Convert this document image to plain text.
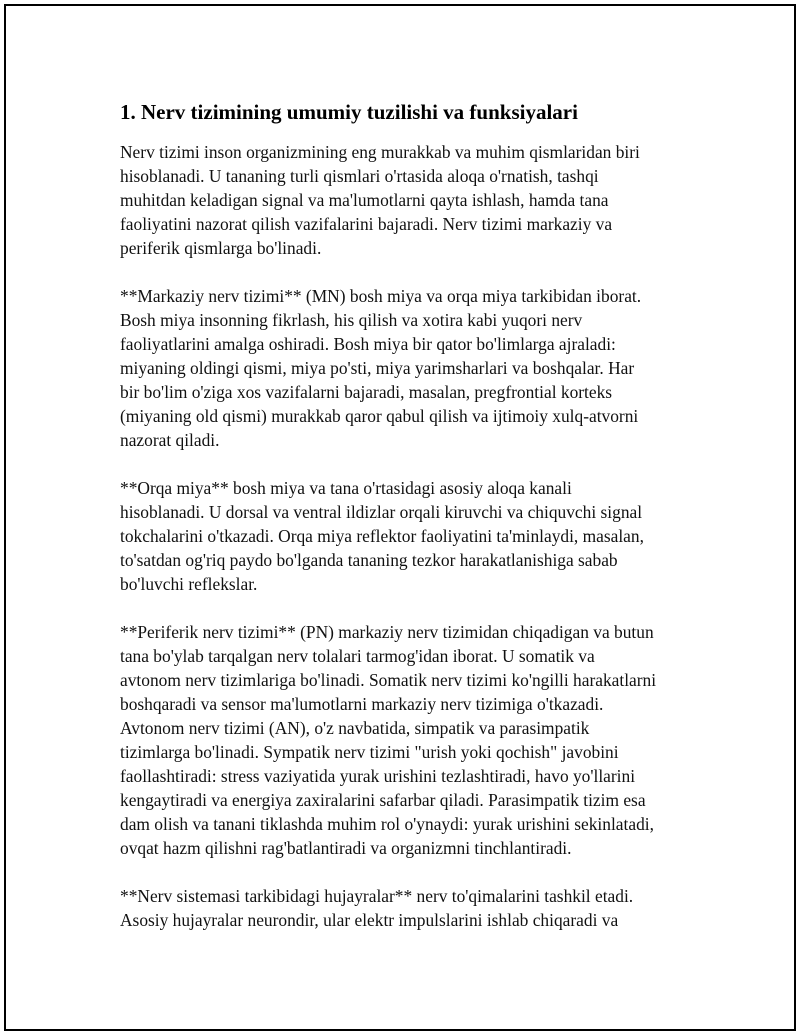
1. Nerv tizimining umumiy tuzilishi va funksiyalari

Nerv tizimi inson organizmining eng murakkab va muhim qismlaridan biri
hisoblanadi. U tananing turli qismlari o'rtasida aloqa o'rnatish, tashqi
muhitdan keladigan signal va ma'lumotlarni qayta ishlash, hamda tana
faoliyatini nazorat qilish vazifalarini bajaradi. Nerv tizimi markaziy va
periferik qismlarga bo'linadi.

**Markaziy nerv tizimi** (MN) bosh miya va orqa miya tarkibidan iborat.
Bosh miya insonning fikrlash, his qilish va xotira kabi yuqori nerv
faoliyatlarini amalga oshiradi. Bosh miya bir qator bo'limlarga ajraladi:
miyaning oldingi qismi, miya po'sti, miya yarimsharlari va boshqalar. Har
bir bo'lim o'ziga xos vazifalarni bajaradi, masalan, pregfrontial korteks
(miyaning old qismi) murakkab qaror qabul qilish va ijtimoiy xulq-atvorni
nazorat qiladi.

**Orqa miya** bosh miya va tana o'rtasidagi asosiy aloqa kanali
hisoblanadi. U dorsal va ventral ildizlar orqali kiruvchi va chiquvchi signal
tokchalarini o'tkazadi. Orqa miya reflektor faoliyatini ta'minlaydi, masalan,
to'satdan og'riq paydo bo'lganda tananing tezkor harakatlanishiga sabab
bo'luvchi reflekslar.

**Periferik nerv tizimi** (PN) markaziy nerv tizimidan chiqadigan va butun
tana bo'ylab tarqalgan nerv tolalari tarmog'idan iborat. U somatik va
avtonom nerv tizimlariga bo'linadi. Somatik nerv tizimi ko'ngilli harakatlarni
boshqaradi va sensor ma'lumotlarni markaziy nerv tizimiga o'tkazadi.
Avtonom nerv tizimi (AN), o'z navbatida, simpatik va parasimpatik
tizimlarga bo'linadi. Sympatik nerv tizimi "urish yoki qochish" javobini
faollashtiradi: stress vaziyatida yurak urishini tezlashtiradi, havo yo'llarini
kengaytiradi va energiya zaxiralarini safarbar qiladi. Parasimpatik tizim esa
dam olish va tanani tiklashda muhim rol o'ynaydi: yurak urishini sekinlatadi,
ovqat hazm qilishni rag'batlantiradi va organizmni tinchlantiradi.

**Nerv sistemasi tarkibidagi hujayralar** nerv to'qimalarini tashkil etadi.
Asosiy hujayralar neurondir, ular elektr impulslarini ishlab chiqaradi va
